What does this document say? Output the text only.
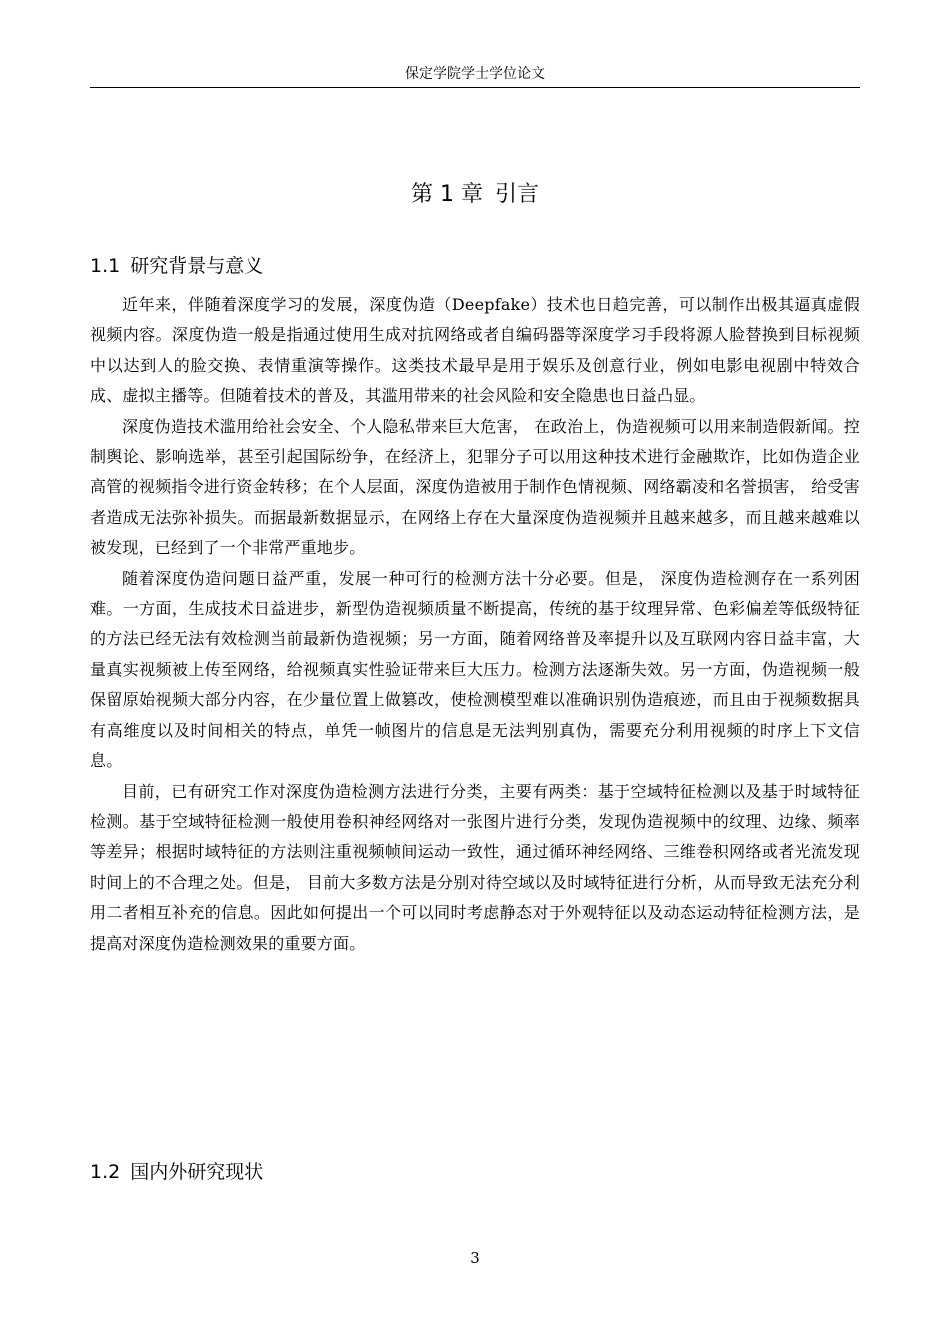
保定学院学士学位论文
第 1 章 引言
1.1 研究背景与意义

近年来，伴随着深度学习的发展，深度伪造（Deepfake）技术也日趋完善，可以制作出极其逼真虚假视频内容。深度伪造一般是指通过使用生成对抗网络或者自编码器等深度学习手段将源人脸替换到目标视频中以达到人的脸交换、表情重演等操作。这类技术最早是用于娱乐及创意行业，例如电影电视剧中特效合成、虚拟主播等。但随着技术的普及，其滥用带来的社会风险和安全隐患也日益凸显。

深度伪造技术滥用给社会安全、个人隐私带来巨大危害， 在政治上，伪造视频可以用来制造假新闻。控制舆论、影响选举，甚至引起国际纷争，在经济上，犯罪分子可以用这种技术进行金融欺诈，比如伪造企业高管的视频指令进行资金转移；在个人层面，深度伪造被用于制作色情视频、网络霸凌和名誉损害， 给受害者造成无法弥补损失。而据最新数据显示，在网络上存在大量深度伪造视频并且越来越多，而且越来越难以被发现，已经到了一个非常严重地步。

随着深度伪造问题日益严重，发展一种可行的检测方法十分必要。但是， 深度伪造检测存在一系列困难。一方面，生成技术日益进步，新型伪造视频质量不断提高，传统的基于纹理异常、色彩偏差等低级特征的方法已经无法有效检测当前最新伪造视频；另一方面，随着网络普及率提升以及互联网内容日益丰富，大量真实视频被上传至网络，给视频真实性验证带来巨大压力。检测方法逐渐失效。另一方面，伪造视频一般保留原始视频大部分内容，在少量位置上做篡改，使检测模型难以准确识别伪造痕迹，而且由于视频数据具有高维度以及时间相关的特点，单凭一帧图片的信息是无法判别真伪，需要充分利用视频的时序上下文信息。

目前，已有研究工作对深度伪造检测方法进行分类，主要有两类：基于空域特征检测以及基于时域特征检测。基于空域特征检测一般使用卷积神经网络对一张图片进行分类，发现伪造视频中的纹理、边缘、频率等差异；根据时域特征的方法则注重视频帧间运动一致性，通过循环神经网络、三维卷积网络或者光流发现时间上的不合理之处。但是， 目前大多数方法是分别对待空域以及时域特征进行分析，从而导致无法充分利用二者相互补充的信息。因此如何提出一个可以同时考虑静态对于外观特征以及动态运动特征检测方法，是提高对深度伪造检测效果的重要方面。

1.2 国内外研究现状
3
